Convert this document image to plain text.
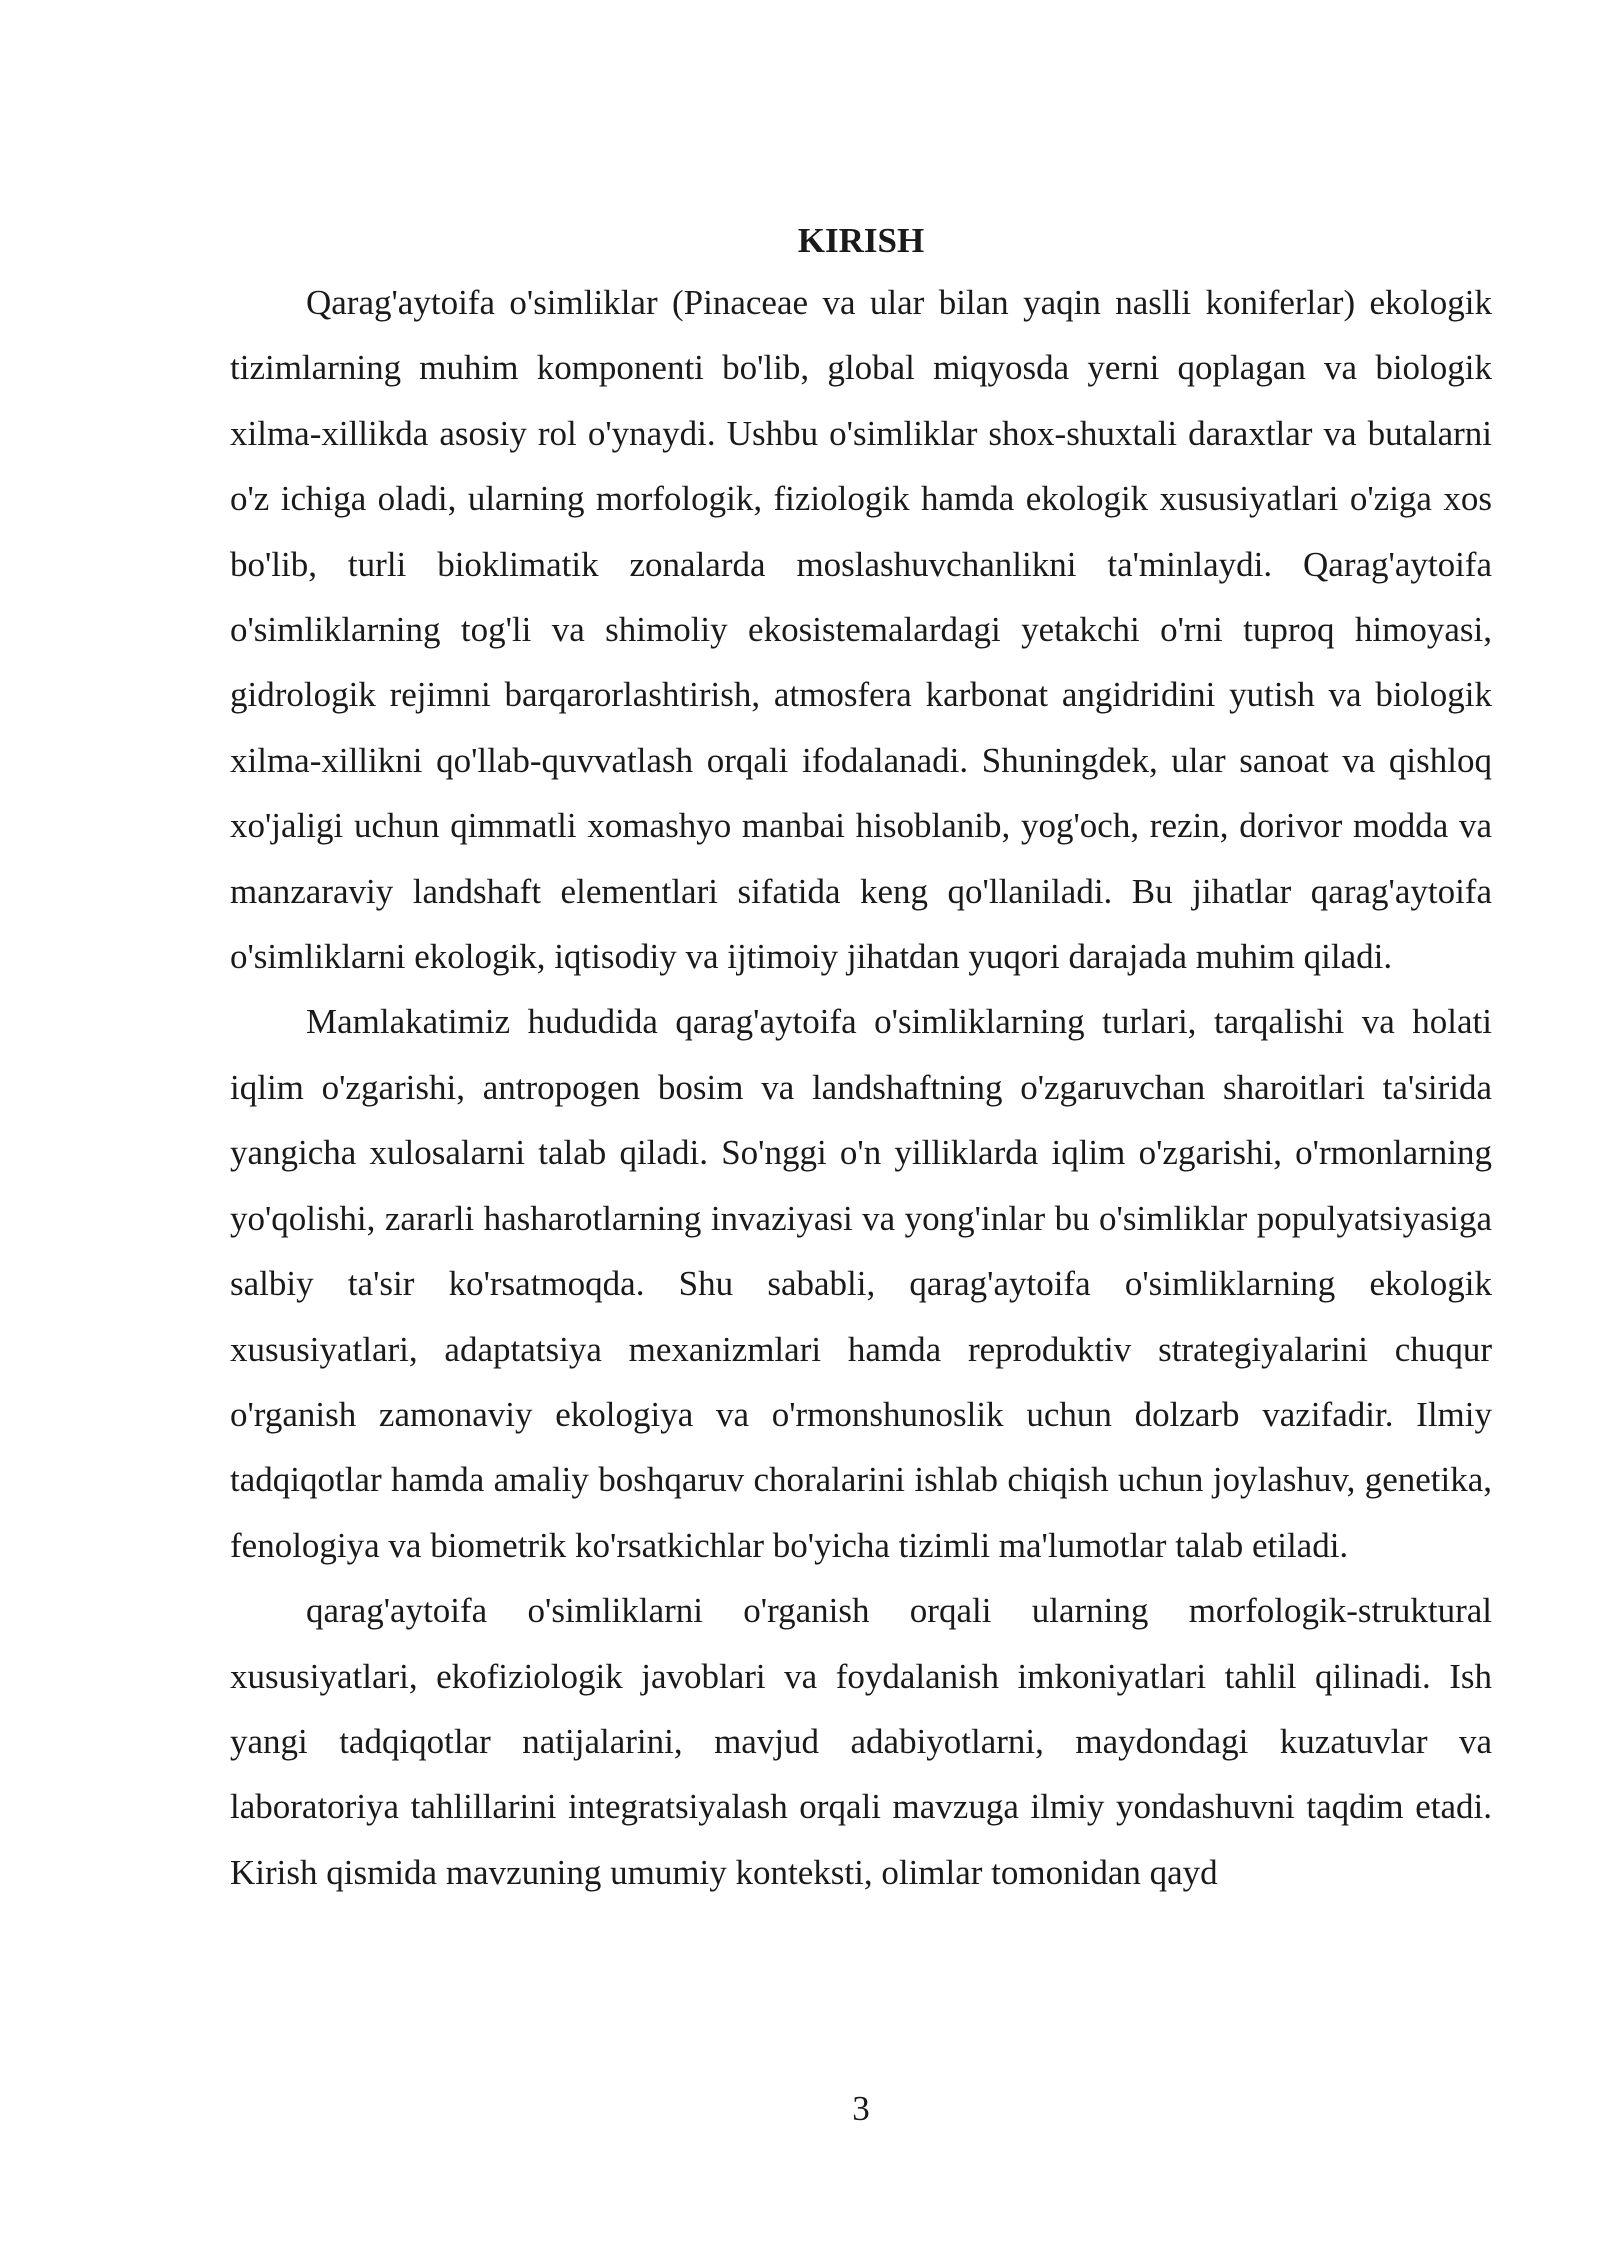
KIRISH

Qarag'aytoifa o'simliklar (Pinaceae va ular bilan yaqin naslli koniferlar) ekologik tizimlarning muhim komponenti bo'lib, global miqyosda yerni qoplagan va biologik xilma-xillikda asosiy rol o'ynaydi. Ushbu o'simliklar shox-shuxtali daraxtlar va butalarni o'z ichiga oladi, ularning morfologik, fiziologik hamda ekologik xususiyatlari o'ziga xos bo'lib, turli bioklimatik zonalarda moslashuvchanlikni ta'minlaydi. Qarag'aytoifa o'simliklarning tog'li va shimoliy ekosistemalardagi yetakchi o'rni tuproq himoyasi, gidrologik rejimni barqarorlashtirish, atmosfera karbonat angidridini yutish va biologik xilma-xillikni qo'llab-quvvatlash orqali ifodalanadi. Shuningdek, ular sanoat va qishloq xo'jaligi uchun qimmatli xomashyo manbai hisoblanib, yog'och, rezin, dorivor modda va manzaraviy landshaft elementlari sifatida keng qo'llaniladi. Bu jihatlar qarag'aytoifa o'simliklarni ekologik, iqtisodiy va ijtimoiy jihatdan yuqori darajada muhim qiladi.

Mamlakatimiz hududida qarag'aytoifa o'simliklarning turlari, tarqalishi va holati iqlim o'zgarishi, antropogen bosim va landshaftning o'zgaruvchan sharoitlari ta'sirida yangicha xulosalarni talab qiladi. So'nggi o'n yilliklarda iqlim o'zgarishi, o'rmonlarning yo'qolishi, zararli hasharotlarning invaziyasi va yong'inlar bu o'simliklar populyatsiyasiga salbiy ta'sir ko'rsatmoqda. Shu sababli, qarag'aytoifa o'simliklarning ekologik xususiyatlari, adaptatsiya mexanizmlari hamda reproduktiv strategiyalarini chuqur o'rganish zamonaviy ekologiya va o'rmonshunoslik uchun dolzarb vazifadir. Ilmiy tadqiqotlar hamda amaliy boshqaruv choralarini ishlab chiqish uchun joylashuv, genetika, fenologiya va biometrik ko'rsatkichlar bo'yicha tizimli ma'lumotlar talab etiladi.

qarag'aytoifa o'simliklarni o'rganish orqali ularning morfologik-struktural xususiyatlari, ekofiziologik javoblari va foydalanish imkoniyatlari tahlil qilinadi. Ish yangi tadqiqotlar natijalarini, mavjud adabiyotlarni, maydondagi kuzatuvlar va laboratoriya tahlillarini integratsiyalash orqali mavzuga ilmiy yondashuvni taqdim etadi. Kirish qismida mavzuning umumiy konteksti, olimlar tomonidan qayd

3
